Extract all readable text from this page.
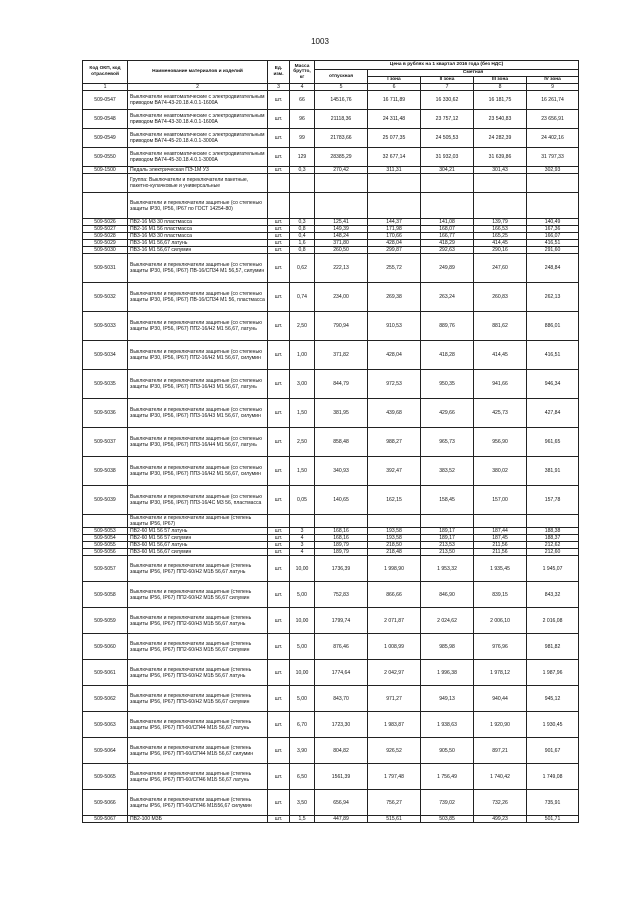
1003
Код ОКП, код отраслевой	Наименование материалов и изделий	Ед. изм.	Масса брутто, кг	Цена в рублях на 1 квартал 2016 года (без НДС)				
				отпускная	Сметная			
					I зона	II зона	III зона	IV зона
1	2	3	4	5	6	7	8	9
509-0547	Выключатели неавтоматические с электродвигательным приводом ВА74-43-20.18.4.0.1-1600А	шт.	66	14516,76	16 711,89	16 330,62	16 181,75	16 261,74
509-0548	Выключатели неавтоматические с электродвигательным приводом ВА74-43-30.18.4.0.1-1600А	шт.	96	21118,36	24 311,48	23 757,12	23 540,83	23 656,91
509-0549	Выключатели неавтоматические с электродвигательным приводом ВА74-45-20.18.4.0.1-3000А	шт.	99	21783,66	25 077,35	24 505,53	24 282,39	24 402,16
509-0550	Выключатели неавтоматические с электродвигательным приводом ВА74-45-30.18.4.0.1-3000А	шт.	129	28385,29	32 677,14	31 932,03	31 639,86	31 797,33
509-1500	Педаль электрическая ПЭ-1М У3	шт.	0,3	270,42	311,31	304,21	301,43	302,93
	Группа: Выключатели и переключатели пакетные, пакетно-кулачковые и универсальные							
	Выключатели и переключатели защитные (со степенью защиты IP30, IP56, IP67 по ГОСТ 14254-80)							
509-5026	ПВ2-16 М3 30 пластмасса	шт.	0,3	125,41	144,37	141,08	139,79	140,49
509-5027	ПВ2-16 М1 56 пластмасса	шт.	0,8	149,39	171,98	168,07	166,53	167,36
509-5028	ПВ3-16 М3 30 пластмасса	шт.	0,4	148,24	170,66	166,77	165,25	166,07
509-5029	ПВ3-16 М1 56,67 латунь	шт.	1,6	371,80	428,04	418,29	414,45	416,51
509-5030	ПВ3-16 М1 56,67 силумин	шт.	0,8	260,50	299,87	292,63	290,16	291,60
509-5031	Выключатели и переключатели защитные (со степенью защиты IP30, IP56, IP67) ПВ-16/СП34 М1 56,57, силумин	шт.	0,62	222,13	255,72	249,89	247,60	248,84
509-5032	Выключатели и переключатели защитные (со степенью защиты IP30, IP56, IP67) ПВ-16/СП34 М1 56, пластмасса	шт.	0,74	234,00	269,38	263,24	260,83	262,13
509-5033	Выключатели и переключатели защитные (со степенью защиты IP30, IP56, IP67) ПП2-16/Н2 М1 56,67, латунь	шт.	2,50	790,94	910,53	889,76	881,62	886,01
509-5034	Выключатели и переключатели защитные (со степенью защиты IP30, IP56, IP67) ПП2-16/Н2 М1 56,67, силумин	шт.	1,00	371,82	428,04	418,28	414,45	416,51
509-5035	Выключатели и переключатели защитные (со степенью защиты IP30, IP56, IP67) ПП3-16/Н3 М1 56,67, латунь	шт.	3,00	844,79	972,53	950,35	941,66	946,34
509-5036	Выключатели и переключатели защитные (со степенью защиты IP30, IP56, IP67) ПП3-16/Н3 М1 56,67, силумин	шт.	1,50	381,95	439,68	429,66	425,73	427,84
509-5037	Выключатели и переключатели защитные (со степенью защиты IP30, IP56, IP67) ПП3-16/Н4 М1 56,67, латунь	шт.	2,50	858,48	988,27	965,73	956,90	961,65
509-5038	Выключатели и переключатели защитные (со степенью защиты IP30, IP56, IP67) ПП3-16/Н2 М1 56,67, силумин	шт.	1,50	340,93	392,47	383,52	380,02	381,91
509-5039	Выключатели и переключатели защитные (со степенью защиты IP30, IP56, IP67) ПП3-16/4С М3 56, пластмасса	шт.	0,05	140,65	162,15	158,45	157,00	157,78
	Выключатели и переключатели защитные (степень защиты IP56, IP67)							
509-5053	ПВ2-60 М1 56 57 латунь	шт.	3	168,16	193,58	189,17	187,44	188,38
509-5054	ПВ2-60 М1 56 57 силумин	шт.	4	168,16	193,58	189,17	187,45	188,37
509-5055	ПВ3-60 М1 56,67 латунь	шт.	3	189,79	218,50	213,53	211,56	212,62
509-5056	ПВ3-60 М1 56,67 силумин	шт.	4	189,79	218,48	213,50	211,56	212,60
509-5057	Выключатели и переключатели защитные (степень защиты IP56, IP67) ПП2-60/Н2 М1Б 56,67 латунь	шт.	10,00	1736,39	1 998,90	1 953,32	1 935,45	1 945,07
509-5058	Выключатели и переключатели защитные (степень защиты IP56, IP67) ПП2-60/Н2 М1Б 56,67 силумин	шт.	5,00	752,83	866,66	846,90	839,15	843,32
509-5059	Выключатели и переключатели защитные (степень защиты IP56, IP67) ПП2-60/Н3 М1Б 56,67 латунь	шт.	10,00	1799,74	2 071,87	2 024,62	2 006,10	2 016,08
509-5060	Выключатели и переключатели защитные (степень защиты IP56, IP67) ПП2-60/Н3 М1Б 56,67 силумин	шт.	5,00	876,46	1 008,99	985,98	976,96	981,82
509-5061	Выключатели и переключатели защитные (степень защиты IP56, IP67) ПП3-60/Н2 М1Б 56,67 латунь	шт.	10,00	1774,64	2 042,97	1 996,38	1 978,12	1 987,96
509-5062	Выключатели и переключатели защитные (степень защиты IP56, IP67) ПП3-60/Н2 М1Б 56,67 силумин	шт.	5,00	843,70	971,27	949,13	940,44	945,12
509-5063	Выключатели и переключатели защитные (степень защиты IP56, IP67) ПП-60/СП44 М1Б 56,67 латунь	шт.	6,70	1723,30	1 983,87	1 938,63	1 920,90	1 930,45
509-5064	Выключатели и переключатели защитные (степень защиты IP56, IP67) ПП-60/СП44 М1Б 56,67 силумин	шт.	3,90	804,82	926,52	905,50	897,21	901,67
509-5065	Выключатели и переключатели защитные (степень защиты IP56, IP67) ПП-60/СП46 М1Б 56,67 латунь	шт.	6,50	1561,39	1 797,48	1 756,49	1 740,42	1 749,08
509-5066	Выключатели и переключатели защитные (степень защиты IP56, IP67) ПП-60/СП46 М1Б56,67 силумин	шт.	3,50	656,94	756,27	739,02	732,26	735,91
509-5067	ПВ2-100 М3Б	шт.	1,5	447,89	515,61	503,85	499,23	501,71
